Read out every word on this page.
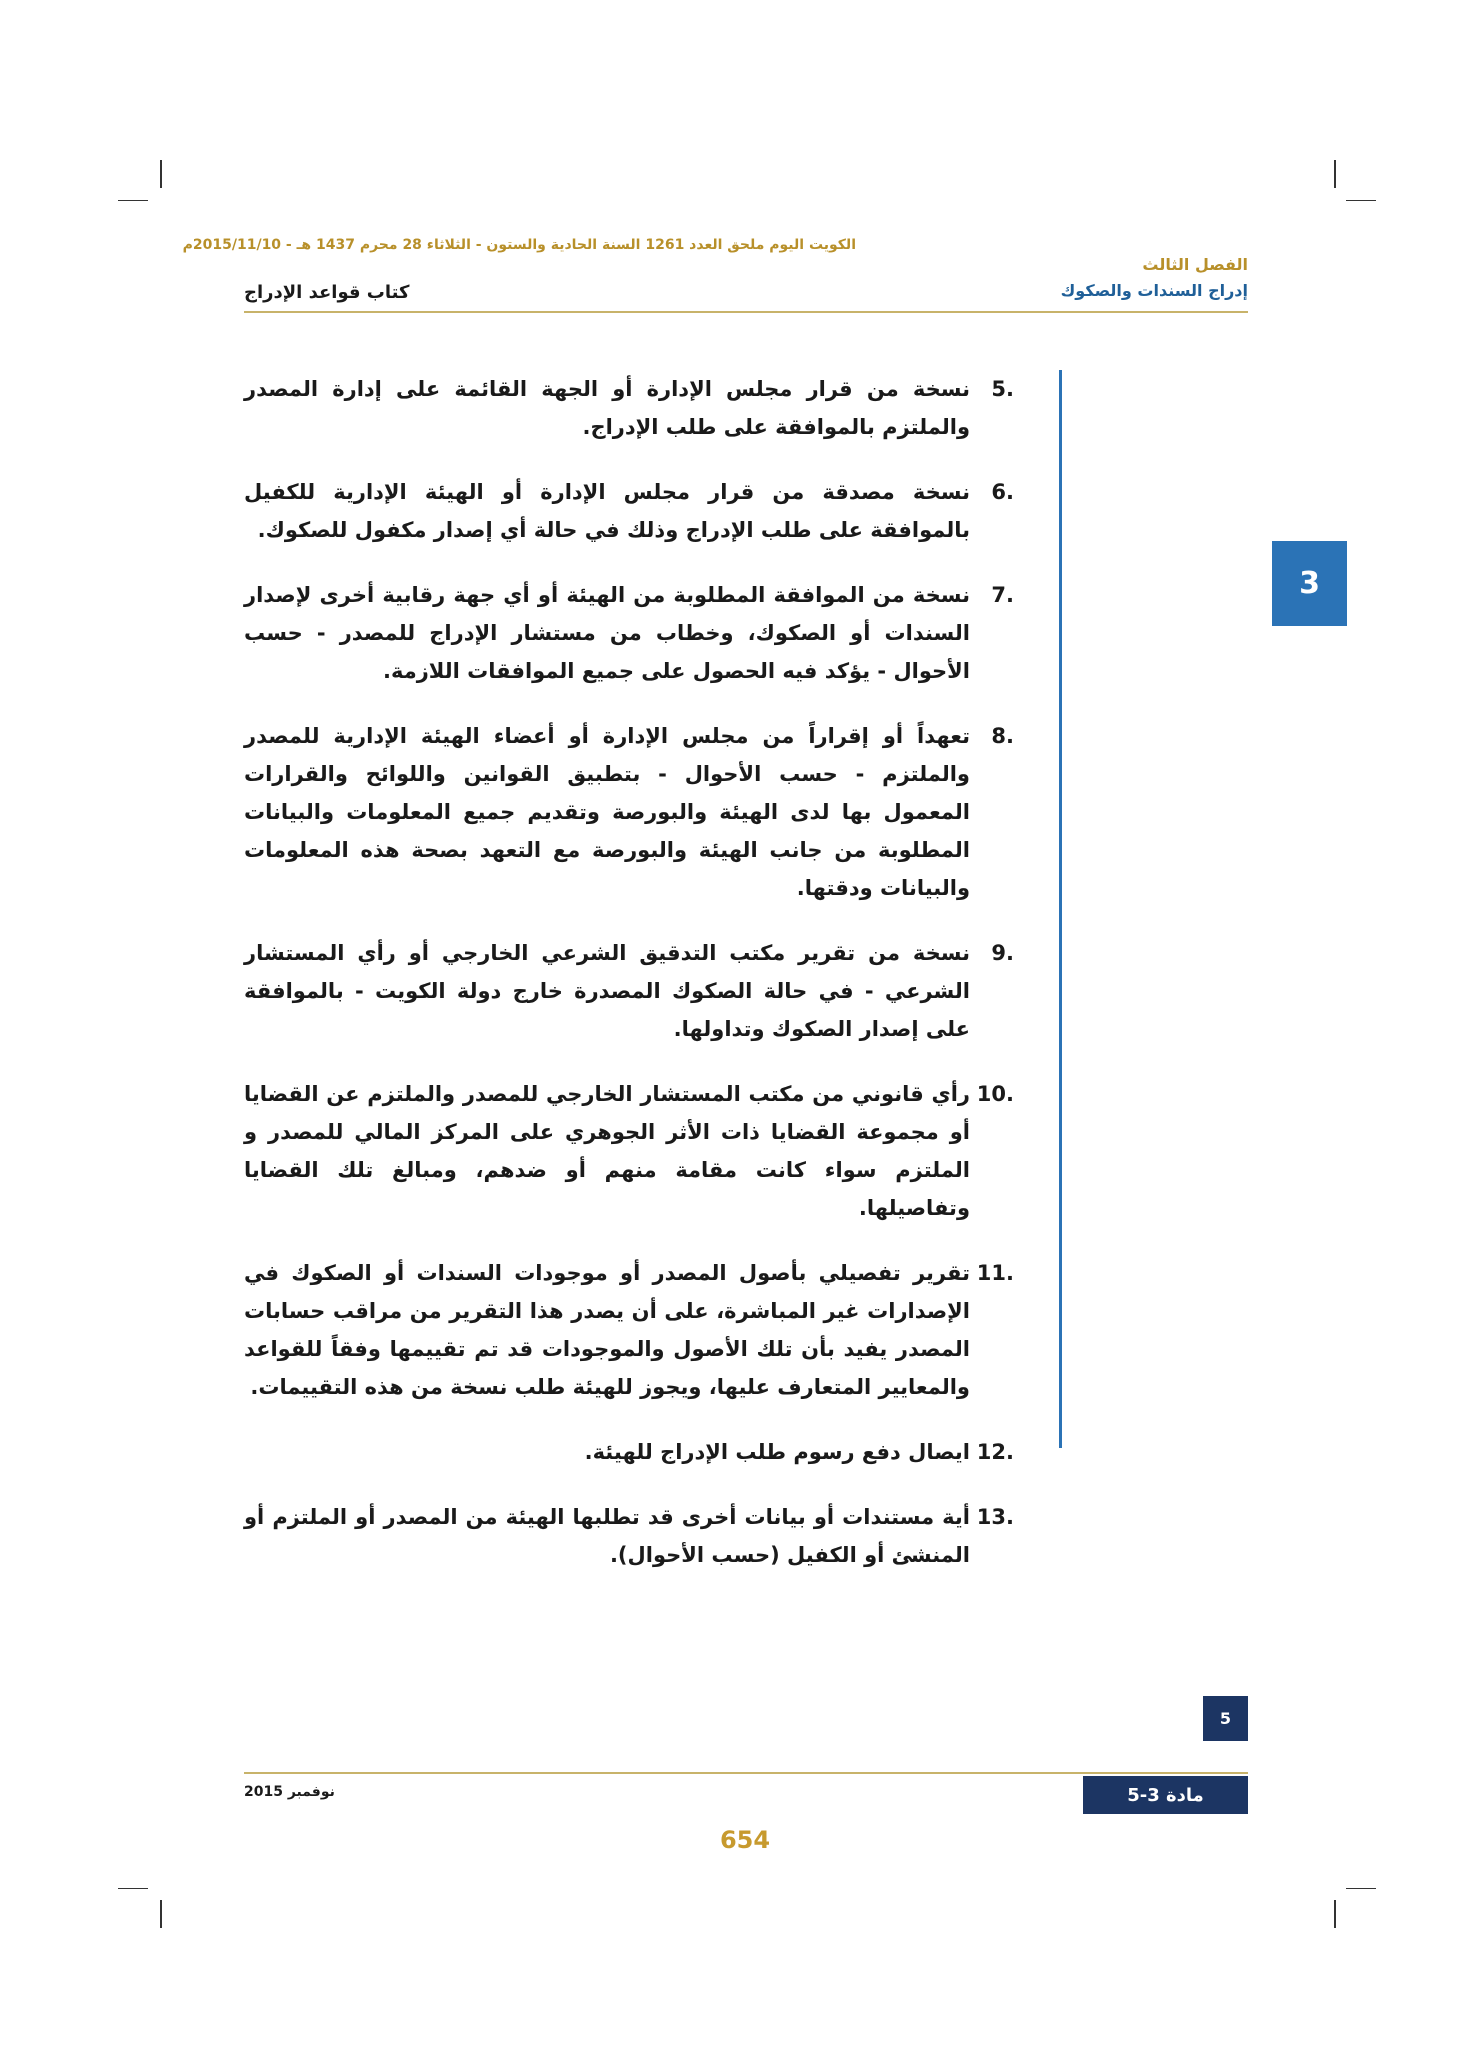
الكويت اليوم ملحق العدد 1261 السنة الحادية والستون - الثلاثاء 28 محرم 1437 هـ - 2015/11/10م
الفصل الثالث
إدراج السندات والصكوك
كتاب قواعد الإدراج
3
.5
نسخة من قرار مجلس الإدارة أو الجهة القائمة على إدارة المصدر والملتزم بالموافقة على طلب الإدراج.
.6
نسخة مصدقة من قرار مجلس الإدارة أو الهيئة الإدارية للكفيل بالموافقة على طلب الإدراج وذلك في حالة أي إصدار مكفول للصكوك.
.7
نسخة من الموافقة المطلوبة من الهيئة أو أي جهة رقابية أخرى لإصدار السندات أو الصكوك، وخطاب من مستشار الإدراج للمصدر - حسب الأحوال - يؤكد فيه الحصول على جميع الموافقات اللازمة.
.8
تعهداً أو إقراراً من مجلس الإدارة أو أعضاء الهيئة الإدارية للمصدر والملتزم - حسب الأحوال - بتطبيق القوانين واللوائح والقرارات المعمول بها لدى الهيئة والبورصة وتقديم جميع المعلومات والبيانات المطلوبة من جانب الهيئة والبورصة مع التعهد بصحة هذه المعلومات والبيانات ودقتها.
.9
نسخة من تقرير مكتب التدقيق الشرعي الخارجي أو رأي المستشار الشرعي - في حالة الصكوك المصدرة خارج دولة الكويت - بالموافقة على إصدار الصكوك وتداولها.
.10
رأي قانوني من مكتب المستشار الخارجي للمصدر والملتزم عن القضايا أو مجموعة القضايا ذات الأثر الجوهري على المركز المالي للمصدر و الملتزم سواء كانت مقامة منهم أو ضدهم، ومبالغ تلك القضايا وتفاصيلها.
.11
تقرير تفصيلي بأصول المصدر أو موجودات السندات أو الصكوك في الإصدارات غير المباشرة، على أن يصدر هذا التقرير من مراقب حسابات المصدر يفيد بأن تلك الأصول والموجودات قد تم تقييمها وفقاً للقواعد والمعايير المتعارف عليها، ويجوز للهيئة طلب نسخة من هذه التقييمات.
.12
ايصال دفع رسوم طلب الإدراج للهيئة.
.13
أية مستندات أو بيانات أخرى قد تطلبها الهيئة من المصدر أو الملتزم أو المنشئ أو الكفيل (حسب الأحوال).
5
نوفمبر 2015	مادة 3-5
654
